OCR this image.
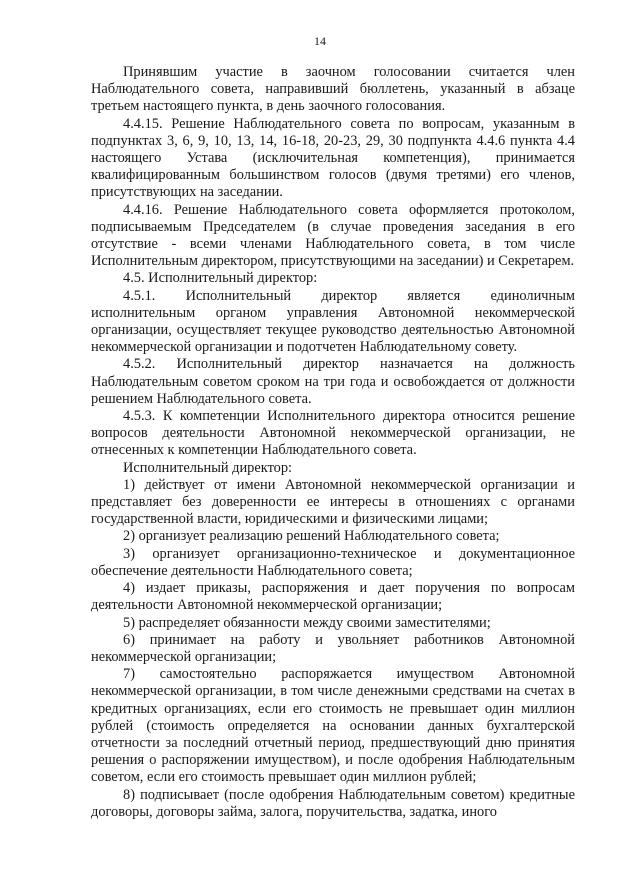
14

Принявшим участие в заочном голосовании считается член Наблюдательного совета, направивший бюллетень, указанный в абзаце третьем настоящего пункта, в день заочного голосования.

4.4.15. Решение Наблюдательного совета по вопросам, указанным в подпунктах 3, 6, 9, 10, 13, 14, 16-18, 20-23, 29, 30 подпункта 4.4.6 пункта 4.4 настоящего Устава (исключительная компетенция), принимается квалифицированным большинством голосов (двумя третями) его членов, присутствующих на заседании.

4.4.16. Решение Наблюдательного совета оформляется протоколом, подписываемым Председателем (в случае проведения заседания в его отсутствие - всеми членами Наблюдательного совета, в том числе Исполнительным директором, присутствующими на заседании) и Секретарем.

4.5. Исполнительный директор:

4.5.1. Исполнительный директор является единоличным исполнительным органом управления Автономной некоммерческой организации, осуществляет текущее руководство деятельностью Автономной некоммерческой организации и подотчетен Наблюдательному совету.

4.5.2. Исполнительный директор назначается на должность Наблюдательным советом сроком на три года и освобождается от должности решением Наблюдательного совета.

4.5.3. К компетенции Исполнительного директора относится решение вопросов деятельности Автономной некоммерческой организации, не отнесенных к компетенции Наблюдательного совета.

Исполнительный директор:

1) действует от имени Автономной некоммерческой организации и представляет без доверенности ее интересы в отношениях с органами государственной власти, юридическими и физическими лицами;

2) организует реализацию решений Наблюдательного совета;

3) организует организационно-техническое и документационное обеспечение деятельности Наблюдательного совета;

4) издает приказы, распоряжения и дает поручения по вопросам деятельности Автономной некоммерческой организации;

5) распределяет обязанности между своими заместителями;

6) принимает на работу и увольняет работников Автономной некоммерческой организации;

7) самостоятельно распоряжается имуществом Автономной некоммерческой организации, в том числе денежными средствами на счетах в кредитных организациях, если его стоимость не превышает один миллион рублей (стоимость определяется на основании данных бухгалтерской отчетности за последний отчетный период, предшествующий дню принятия решения о распоряжении имуществом), и после одобрения Наблюдательным советом, если его стоимость превышает один миллион рублей;

8) подписывает (после одобрения Наблюдательным советом) кредитные договоры, договоры займа, залога, поручительства, задатка, иного
